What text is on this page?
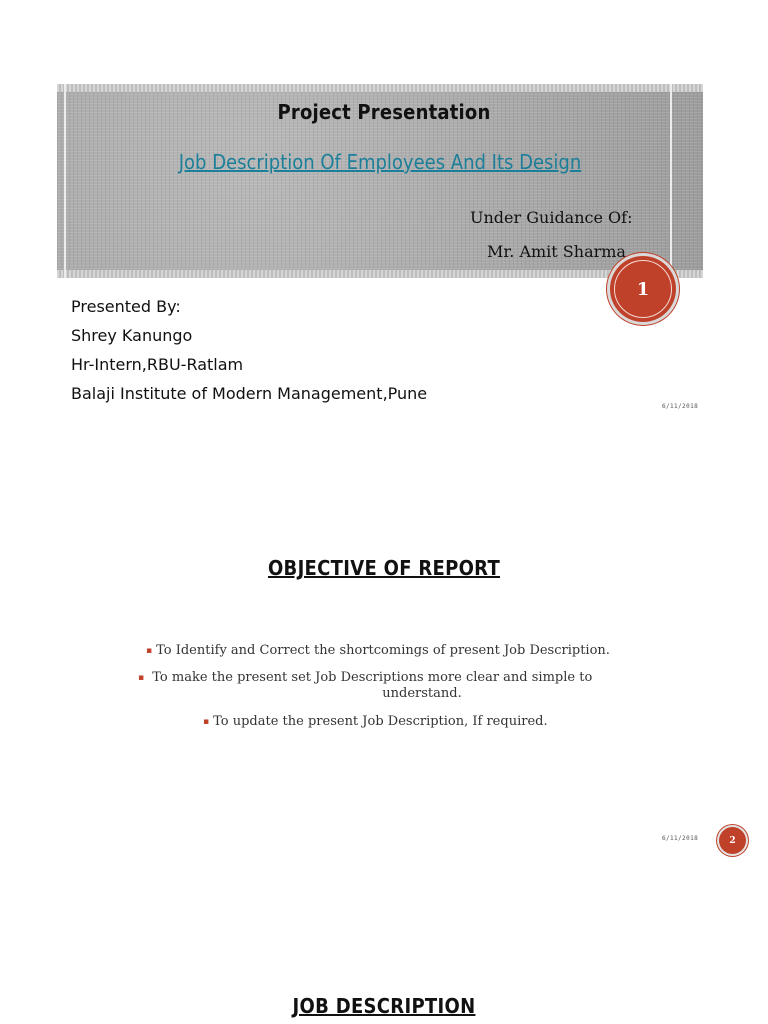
Project Presentation
Job Description Of Employees And Its Design
Under Guidance Of:
Mr. Amit Sharma
1
Presented By:
Shrey Kanungo
Hr-Intern,RBU-Ratlam
Balaji Institute of Modern Management,Pune
6/11/2018
OBJECTIVE OF REPORT
▪ To Identify and Correct the shortcomings of present Job Description.
▪ To make the present set Job Descriptions more clear and simple to
understand.
▪ To update the present Job Description, If required.
6/11/2018	2
JOB DESCRIPTION
